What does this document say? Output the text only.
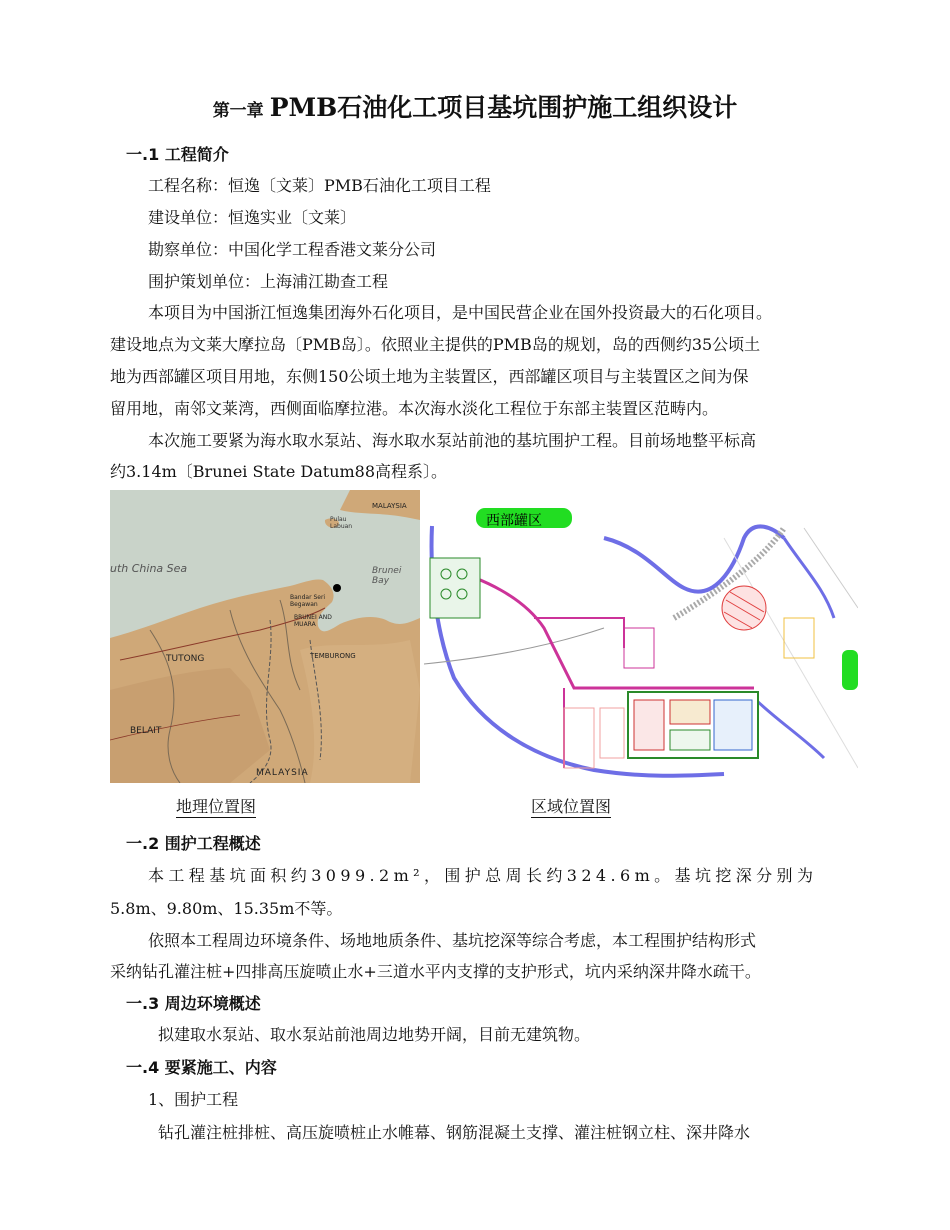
第一章 PMB石油化工项目基坑围护施工组织设计
一.1 工程简介
工程名称：恒逸〔文莱〕PMB石油化工项目工程
建设单位：恒逸实业〔文莱〕
勘察单位：中国化学工程香港文莱分公司
围护策划单位：上海浦江勘查工程
本项目为中国浙江恒逸集团海外石化项目，是中国民营企业在国外投资最大的石化项目。
建设地点为文莱大摩拉岛〔PMB岛〕。依照业主提供的PMB岛的规划，岛的西侧约35公顷土
地为西部罐区项目用地，东侧150公顷土地为主装置区，西部罐区项目与主装置区之间为保
留用地，南邻文莱湾，西侧面临摩拉港。本次海水淡化工程位于东部主装置区范畴内。
本次施工要紧为海水取水泵站、海水取水泵站前池的基坑围护工程。目前场地整平标高
约3.14m〔Brunei State Datum88高程系〕。
MALAYSIA
Pulau Labuan
uth China Sea	Brunei Bay
Bandar Seri Begawan
BRUNEI AND MUARA
TUTONG	TEMBURONG
BELAIT
MALAYSIA
西部罐区
地理位置图	区域位置图
一.2 围护工程概述
本工程基坑面积约3099.2m²，围护总周长约324.6m。基坑挖深分别为
5.8m、9.80m、15.35m不等。
依照本工程周边环境条件、场地地质条件、基坑挖深等综合考虑，本工程围护结构形式
采纳钻孔灌注桩+四排高压旋喷止水+三道水平内支撑的支护形式，坑内采纳深井降水疏干。
一.3 周边环境概述
拟建取水泵站、取水泵站前池周边地势开阔，目前无建筑物。
一.4 要紧施工、内容
1、围护工程
钻孔灌注桩排桩、高压旋喷桩止水帷幕、钢筋混凝土支撑、灌注桩钢立柱、深井降水
